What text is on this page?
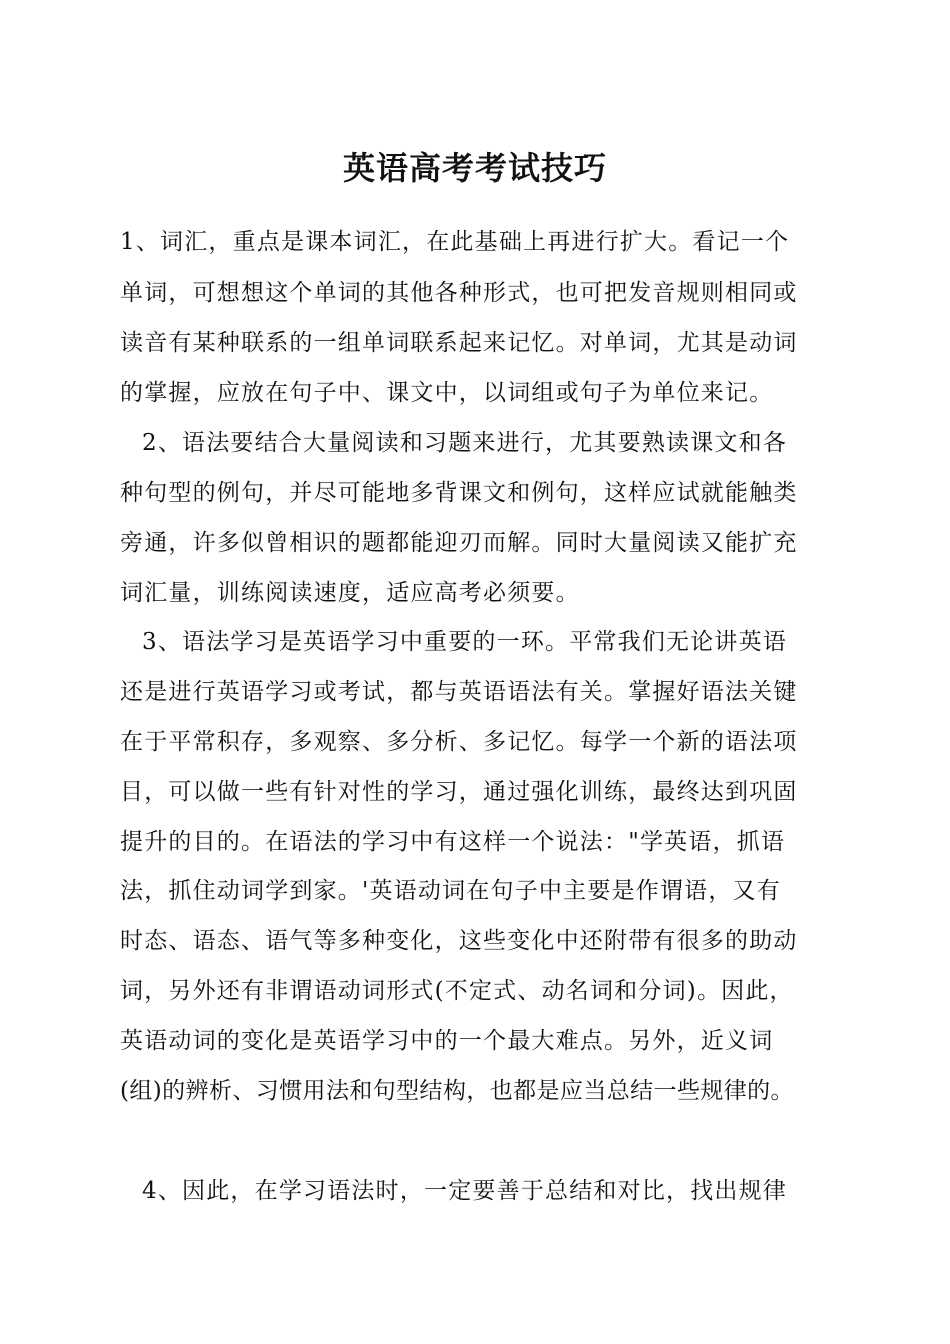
英语高考考试技巧
1、词汇，重点是课本词汇，在此基础上再进行扩大。看记一个
单词，可想想这个单词的其他各种形式，也可把发音规则相同或
读音有某种联系的一组单词联系起来记忆。对单词，尤其是动词
的掌握，应放在句子中、课文中，以词组或句子为单位来记。
2、语法要结合大量阅读和习题来进行，尤其要熟读课文和各
种句型的例句，并尽可能地多背课文和例句，这样应试就能触类
旁通，许多似曾相识的题都能迎刃而解。同时大量阅读又能扩充
词汇量，训练阅读速度，适应高考必须要。
3、语法学习是英语学习中重要的一环。平常我们无论讲英语
还是进行英语学习或考试，都与英语语法有关。掌握好语法关键
在于平常积存，多观察、多分析、多记忆。每学一个新的语法项
目，可以做一些有针对性的学习，通过强化训练，最终达到巩固
提升的目的。在语法的学习中有这样一个说法："学英语，抓语
法，抓住动词学到家。'英语动词在句子中主要是作谓语，又有
时态、语态、语气等多种变化，这些变化中还附带有很多的助动
词，另外还有非谓语动词形式(不定式、动名词和分词)。因此，
英语动词的变化是英语学习中的一个最大难点。另外，近义词
(组)的辨析、习惯用法和句型结构，也都是应当总结一些规律的。
4、因此，在学习语法时，一定要善于总结和对比，找出规律
